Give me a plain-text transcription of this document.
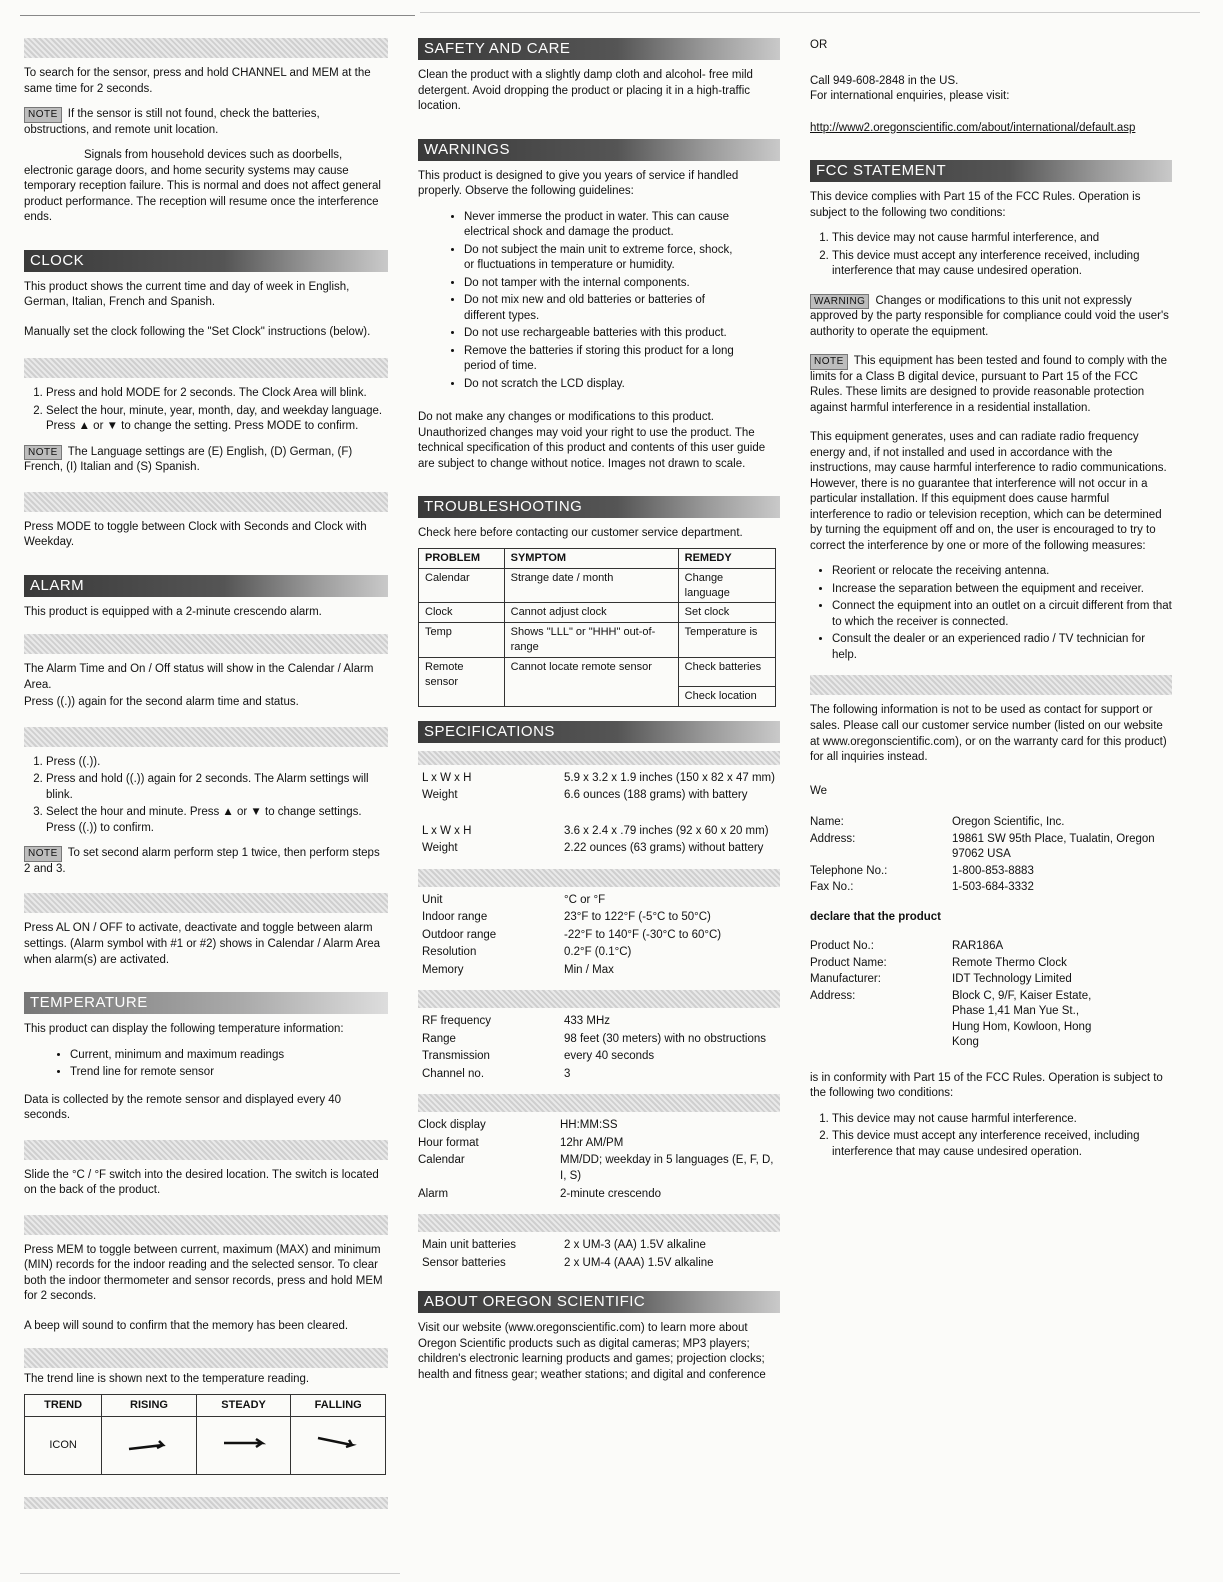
To search for the sensor, press and hold CHANNEL and MEM at the same time for 2 seconds.

NOTE If the sensor is still not found, check the batteries, obstructions, and remote unit location.

Signals from household devices such as doorbells, electronic garage doors, and home security systems may cause temporary reception failure. This is normal and does not affect general product performance. The reception will resume once the interference ends.

CLOCK

This product shows the current time and day of week in English, German, Italian, French and Spanish.

Manually set the clock following the "Set Clock" instructions (below).

1. Press and hold MODE for 2 seconds. The Clock Area will blink.
2. Select the hour, minute, year, month, day, and weekday language. Press ▲ or ▼ to change the setting. Press MODE to confirm.

NOTE The Language settings are (E) English, (D) German, (F) French, (I) Italian and (S) Spanish.

Press MODE to toggle between Clock with Seconds and Clock with Weekday.

ALARM

This product is equipped with a 2-minute crescendo alarm.

The Alarm Time and On / Off status will show in the Calendar / Alarm Area.

Press ((.)) again for the second alarm time and status.

1. Press ((.)).
2. Press and hold ((.)) again for 2 seconds. The Alarm settings will blink.
3. Select the hour and minute. Press ▲ or ▼ to change settings. Press ((.)) to confirm.

NOTE To set second alarm perform step 1 twice, then perform steps 2 and 3.

Press AL ON / OFF to activate, deactivate and toggle between alarm settings. (Alarm symbol with #1 or #2) shows in Calendar / Alarm Area when alarm(s) are activated.

TEMPERATURE

This product can display the following temperature information:

• Current, minimum and maximum readings
• Trend line for remote sensor

Data is collected by the remote sensor and displayed every 40 seconds.

Slide the °C / °F switch into the desired location. The switch is located on the back of the product.

Press MEM to toggle between current, maximum (MAX) and minimum (MIN) records for the indoor reading and the selected sensor. To clear both the indoor thermometer and sensor records, press and hold MEM for 2 seconds.

A beep will sound to confirm that the memory has been cleared.

The trend line is shown next to the temperature reading.

TREND	RISING	STEADY	FALLING
ICON			
SAFETY AND CARE

Clean the product with a slightly damp cloth and alcohol- free mild detergent. Avoid dropping the product or placing it in a high-traffic location.

WARNINGS

This product is designed to give you years of service if handled properly. Observe the following guidelines:

• Never immerse the product in water. This can cause electrical shock and damage the product.
• Do not subject the main unit to extreme force, shock, or fluctuations in temperature or humidity.
• Do not tamper with the internal components.
• Do not mix new and old batteries or batteries of different types.
• Do not use rechargeable batteries with this product.
• Remove the batteries if storing this product for a long period of time.
• Do not scratch the LCD display.

Do not make any changes or modifications to this product. Unauthorized changes may void your right to use the product. The technical specification of this product and contents of this user guide are subject to change without notice. Images not drawn to scale.

TROUBLESHOOTING

Check here before contacting our customer service department.

PROBLEM	SYMPTOM	REMEDY
Calendar	Strange date / month	Change language
Clock	Cannot adjust clock	Set clock
Temp	Shows "LLL" or "HHH" out-of-range	Temperature is
Remote sensor	Cannot locate remote sensor	Check batteries
		Check location
SPECIFICATIONS
L x W x H	5.9 x 3.2 x 1.9 inches (150 x 82 x 47 mm)
Weight	6.6 ounces (188 grams) with battery
L x W x H	3.6 x 2.4 x .79 inches (92 x 60 x 20 mm)
Weight	2.22 ounces (63 grams) without battery
Unit	°C or °F
Indoor range	23°F to 122°F (-5°C to 50°C)
Outdoor range	-22°F to 140°F (-30°C to 60°C)
Resolution	0.2°F (0.1°C)
Memory	Min / Max
RF frequency	433 MHz
Range	98 feet (30 meters) with no obstructions
Transmission	every 40 seconds
Channel no.	3
Clock display	HH:MM:SS
Hour format	12hr AM/PM
Calendar	MM/DD; weekday in 5 languages (E, F, D, I, S)
Alarm	2-minute crescendo
Main unit batteries	2 x UM-3 (AA) 1.5V alkaline
Sensor batteries	2 x UM-4 (AAA) 1.5V alkaline
ABOUT OREGON SCIENTIFIC

Visit our website (www.oregonscientific.com) to learn more about Oregon Scientific products such as digital cameras; MP3 players; children's electronic learning products and games; projection clocks; health and fitness gear; weather stations; and digital and conference

OR

Call 949-608-2848 in the US.

For international enquiries, please visit:

http://www2.oregonscientific.com/about/international/default.asp

FCC STATEMENT

This device complies with Part 15 of the FCC Rules. Operation is subject to the following two conditions:

1. This device may not cause harmful interference, and
2. This device must accept any interference received, including interference that may cause undesired operation.

WARNING Changes or modifications to this unit not expressly approved by the party responsible for compliance could void the user's authority to operate the equipment.

NOTE This equipment has been tested and found to comply with the limits for a Class B digital device, pursuant to Part 15 of the FCC Rules. These limits are designed to provide reasonable protection against harmful interference in a residential installation.

This equipment generates, uses and can radiate radio frequency energy and, if not installed and used in accordance with the instructions, may cause harmful interference to radio communications. However, there is no guarantee that interference will not occur in a particular installation. If this equipment does cause harmful interference to radio or television reception, which can be determined by turning the equipment off and on, the user is encouraged to try to correct the interference by one or more of the following measures:

• Reorient or relocate the receiving antenna.
• Increase the separation between the equipment and receiver.
• Connect the equipment into an outlet on a circuit different from that to which the receiver is connected.
• Consult the dealer or an experienced radio / TV technician for help.

The following information is not to be used as contact for support or sales. Please call our customer service number (listed on our website at www.oregonscientific.com), or on the warranty card for this product) for all inquiries instead.

We

Name:	Oregon Scientific, Inc.
Address:	19861 SW 95th Place, Tualatin, Oregon 97062 USA
Telephone No.:	1-800-853-8883
Fax No.:	1-503-684-3332

declare that the product

Product No.:	RAR186A
Product Name:	Remote Thermo Clock
Manufacturer:	IDT Technology Limited
Address:	Block C, 9/F, Kaiser Estate, Phase 1,41 Man Yue St., Hung Hom, Kowloon, Hong Kong

is in conformity with Part 15 of the FCC Rules. Operation is subject to the following two conditions:

1. This device may not cause harmful interference.
2. This device must accept any interference received, including interference that may cause undesired operation.
